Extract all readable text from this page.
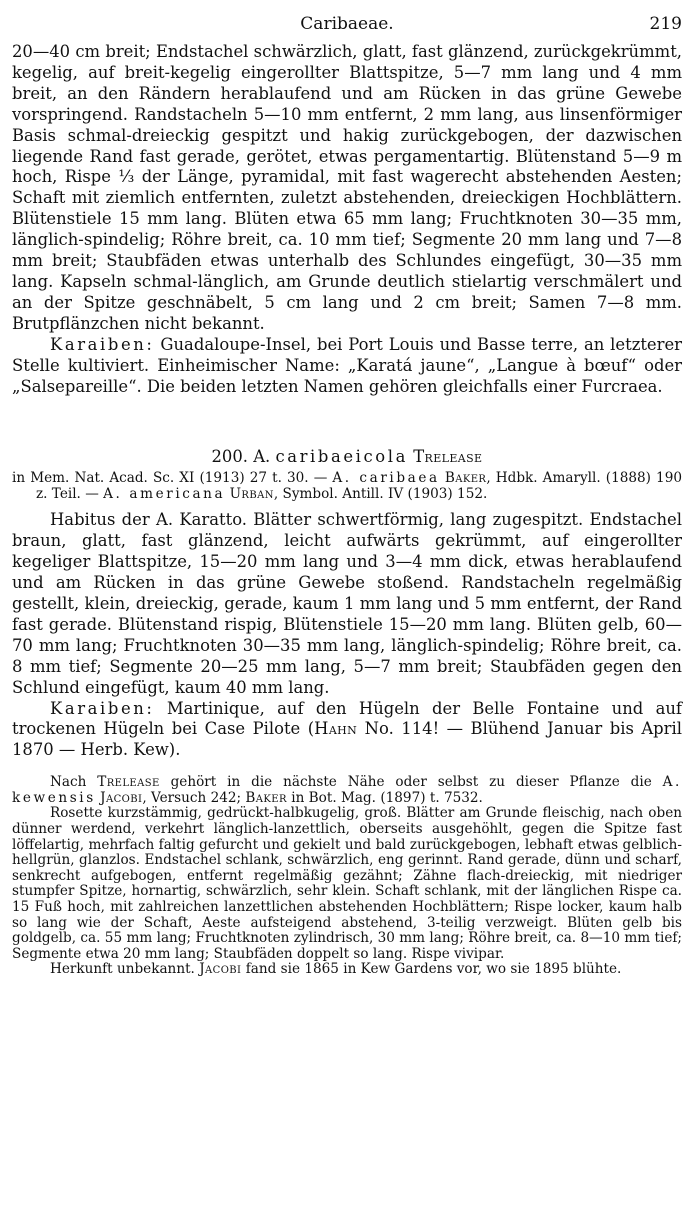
Caribaeae.	219

20—40 cm breit; Endstachel schwärzlich, glatt, fast glänzend, zurückgekrümmt, kegelig, auf breit-kegelig eingerollter Blattspitze, 5—7 mm lang und 4 mm breit, an den Rändern herablaufend und am Rücken in das grüne Gewebe vorspringend. Randstacheln 5—10 mm entfernt, 2 mm lang, aus linsenförmiger Basis schmal-dreieckig gespitzt und hakig zurückgebogen, der dazwischen liegende Rand fast gerade, gerötet, etwas pergamentartig. Blütenstand 5—9 m hoch, Rispe ⅓ der Länge, pyramidal, mit fast wagerecht abstehenden Aesten; Schaft mit ziemlich entfernten, zuletzt abstehenden, dreieckigen Hochblättern. Blütenstiele 15 mm lang. Blüten etwa 65 mm lang; Fruchtknoten 30—35 mm, länglich-spindelig; Röhre breit, ca. 10 mm tief; Segmente 20 mm lang und 7—8 mm breit; Staubfäden etwas unterhalb des Schlundes eingefügt, 30—35 mm lang. Kapseln schmal-länglich, am Grunde deutlich stielartig verschmälert und an der Spitze geschnäbelt, 5 cm lang und 2 cm breit; Samen 7—8 mm. Brutpflänzchen nicht bekannt.

Karaiben: Guadaloupe-Insel, bei Port Louis und Basse terre, an letzterer Stelle kultiviert. Einheimischer Name: „Karatá jaune“, „Langue à bœuf“ oder „Salsepareille“. Die beiden letzten Namen gehören gleichfalls einer Furcraea.

200. A. caribaeicola Trelease

in Mem. Nat. Acad. Sc. XI (1913) 27 t. 30. — A. caribaea Baker, Hdbk. Amaryll. (1888) 190 z. Teil. — A. americana Urban, Symbol. Antill. IV (1903) 152.

Habitus der A. Karatto. Blätter schwertförmig, lang zugespitzt. Endstachel braun, glatt, fast glänzend, leicht aufwärts gekrümmt, auf eingerollter kegeliger Blattspitze, 15—20 mm lang und 3—4 mm dick, etwas herablaufend und am Rücken in das grüne Gewebe stoßend. Randstacheln regelmäßig gestellt, klein, dreieckig, gerade, kaum 1 mm lang und 5 mm entfernt, der Rand fast gerade. Blütenstand rispig, Blütenstiele 15—20 mm lang. Blüten gelb, 60—70 mm lang; Fruchtknoten 30—35 mm lang, länglich-spindelig; Röhre breit, ca. 8 mm tief; Segmente 20—25 mm lang, 5—7 mm breit; Staubfäden gegen den Schlund eingefügt, kaum 40 mm lang.

Karaiben: Martinique, auf den Hügeln der Belle Fontaine und auf trockenen Hügeln bei Case Pilote (Hahn No. 114! — Blühend Januar bis April 1870 — Herb. Kew).

Nach Trelease gehört in die nächste Nähe oder selbst zu dieser Pflanze die A. kewensis Jacobi, Versuch 242; Baker in Bot. Mag. (1897) t. 7532.

Rosette kurzstämmig, gedrückt-halbkugelig, groß. Blätter am Grunde fleischig, nach oben dünner werdend, verkehrt länglich-lanzettlich, oberseits ausgehöhlt, gegen die Spitze fast löffelartig, mehrfach faltig gefurcht und gekielt und bald zurückgebogen, lebhaft etwas gelblich-hellgrün, glanzlos. Endstachel schlank, schwärzlich, eng gerinnt. Rand gerade, dünn und scharf, senkrecht aufgebogen, entfernt regelmäßig gezähnt; Zähne flach-dreieckig, mit niedriger stumpfer Spitze, hornartig, schwärzlich, sehr klein. Schaft schlank, mit der länglichen Rispe ca. 15 Fuß hoch, mit zahlreichen lanzettlichen abstehenden Hochblättern; Rispe locker, kaum halb so lang wie der Schaft, Aeste aufsteigend abstehend, 3-teilig verzweigt. Blüten gelb bis goldgelb, ca. 55 mm lang; Fruchtknoten zylindrisch, 30 mm lang; Röhre breit, ca. 8—10 mm tief; Segmente etwa 20 mm lang; Staubfäden doppelt so lang. Rispe vivipar.

Herkunft unbekannt. Jacobi fand sie 1865 in Kew Gardens vor, wo sie 1895 blühte.
